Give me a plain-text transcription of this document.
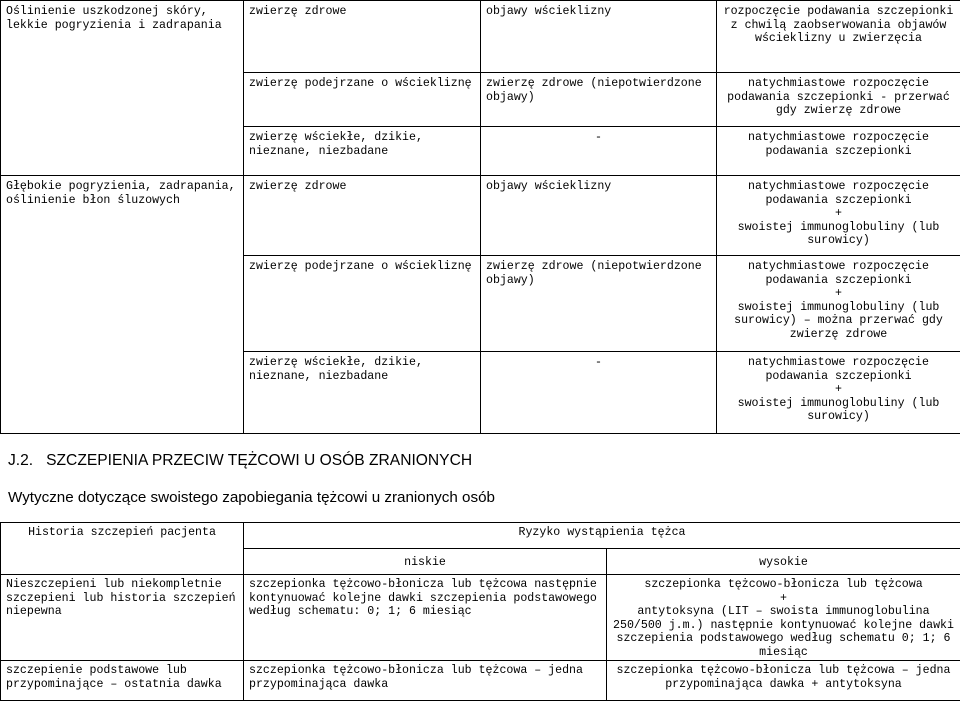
Oślinienie uszkodzonej skóry, lekkie pogryzienia i zadrapania	zwierzę zdrowe	objawy wścieklizny	rozpoczęcie podawania szczepionki z chwilą zaobserwowania objawów wścieklizny u zwierzęcia
	zwierzę podejrzane o wściekliznę	zwierzę zdrowe (niepotwierdzone objawy)	natychmiastowe rozpoczęcie podawania szczepionki - przerwać gdy zwierzę zdrowe
	zwierzę wściekłe, dzikie, nieznane, niezbadane	-	natychmiastowe rozpoczęcie podawania szczepionki
Głębokie pogryzienia, zadrapania, oślinienie błon śluzowych	zwierzę zdrowe	objawy wścieklizny	natychmiastowe rozpoczęcie podawania szczepionki
+
swoistej immunoglobuliny (lub surowicy)
	zwierzę podejrzane o wściekliznę	zwierzę zdrowe (niepotwierdzone objawy)	natychmiastowe rozpoczęcie podawania szczepionki
+
swoistej immunoglobuliny (lub surowicy) – można przerwać gdy zwierzę zdrowe
	zwierzę wściekłe, dzikie, nieznane, niezbadane	-	natychmiastowe rozpoczęcie podawania szczepionki
+
swoistej immunoglobuliny (lub surowicy)
J.2.   SZCZEPIENIA PRZECIW TĘŻCOWI U OSÓB ZRANIONYCH

Wytyczne dotyczące swoistego zapobiegania tężcowi u zranionych osób

Historia szczepień pacjenta	Ryzyko wystąpienia tężca	
	niskie	wysokie
Nieszczepieni lub niekompletnie szczepieni lub historia szczepień niepewna	szczepionka tężcowo-błonicza lub tężcowa następnie kontynuować kolejne dawki szczepienia podstawowego według schematu: 0; 1; 6 miesiąc	szczepionka tężcowo-błonicza lub tężcowa
+
antytoksyna (LIT – swoista immunoglobulina 250/500 j.m.) następnie kontynuować kolejne dawki szczepienia podstawowego według schematu 0; 1; 6 miesiąc
szczepienie podstawowe lub przypominające – ostatnia dawka	szczepionka tężcowo-błonicza lub tężcowa – jedna przypominająca dawka	szczepionka tężcowo-błonicza lub tężcowa – jedna przypominająca dawka + antytoksyna
